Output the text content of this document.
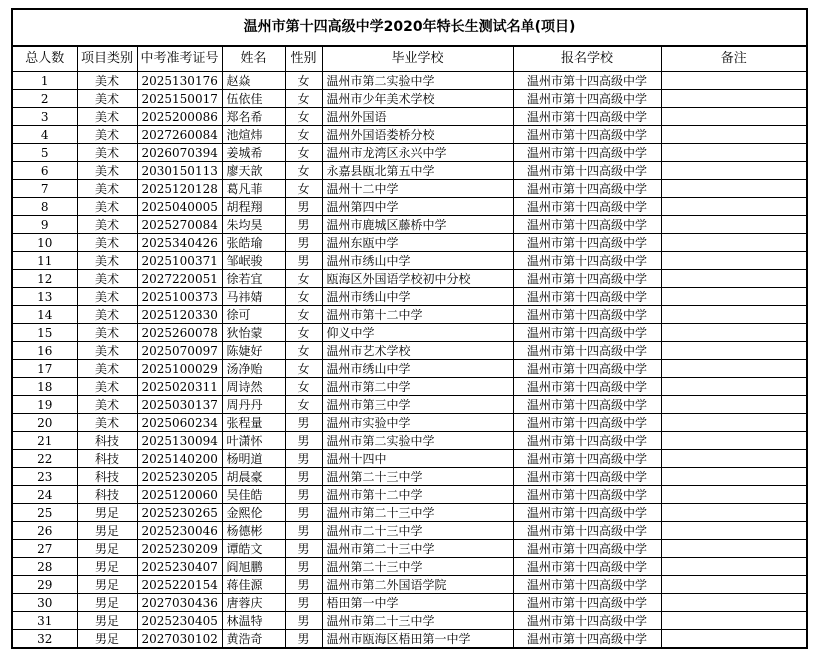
温州市第十四高级中学2020年特长生测试名单(项目)
总人数	项目类别	中考准考证号	姓名	性别	毕业学校	报名学校	备注
1	美术	2025130176	赵焱	女	温州市第二实验中学	温州市第十四高级中学	
2	美术	2025150017	伍依佳	女	温州市少年美术学校	温州市第十四高级中学	
3	美术	2025200086	郑名希	女	温州外国语	温州市第十四高级中学	
4	美术	2027260084	池煊炜	女	温州外国语娄桥分校	温州市第十四高级中学	
5	美术	2026070394	姜城希	女	温州市龙湾区永兴中学	温州市第十四高级中学	
6	美术	2030150113	廖天歆	女	永嘉县瓯北第五中学	温州市第十四高级中学	
7	美术	2025120128	葛凡菲	女	温州十二中学	温州市第十四高级中学	
8	美术	2025040005	胡程翔	男	温州第四中学	温州市第十四高级中学	
9	美术	2025270084	朱均昊	男	温州市鹿城区藤桥中学	温州市第十四高级中学	
10	美术	2025340426	张皓瑜	男	温州东瓯中学	温州市第十四高级中学	
11	美术	2025100371	邹岷骏	男	温州市绣山中学	温州市第十四高级中学	
12	美术	2027220051	徐若宜	女	瓯海区外国语学校初中分校	温州市第十四高级中学	
13	美术	2025100373	马祎婧	女	温州市绣山中学	温州市第十四高级中学	
14	美术	2025120330	徐可	女	温州市第十二中学	温州市第十四高级中学	
15	美术	2025260078	狄怡蒙	女	仰义中学	温州市第十四高级中学	
16	美术	2025070097	陈婕好	女	温州市艺术学校	温州市第十四高级中学	
17	美术	2025100029	汤净贻	女	温州市绣山中学	温州市第十四高级中学	
18	美术	2025020311	周诗然	女	温州市第二中学	温州市第十四高级中学	
19	美术	2025030137	周丹丹	女	温州市第三中学	温州市第十四高级中学	
20	美术	2025060234	张程量	男	温州市实验中学	温州市第十四高级中学	
21	科技	2025130094	叶潇怀	男	温州市第二实验中学	温州市第十四高级中学	
22	科技	2025140200	杨明道	男	温州十四中	温州市第十四高级中学	
23	科技	2025230205	胡晨豪	男	温州第二十三中学	温州市第十四高级中学	
24	科技	2025120060	吴佳皓	男	温州市第十二中学	温州市第十四高级中学	
25	男足	2025230265	金熙伦	男	温州市第二十三中学	温州市第十四高级中学	
26	男足	2025230046	杨德彬	男	温州市二十三中学	温州市第十四高级中学	
27	男足	2025230209	谭皓文	男	温州市第二十三中学	温州市第十四高级中学	
28	男足	2025230407	阎旭鹏	男	温州第二十三中学	温州市第十四高级中学	
29	男足	2025220154	蒋佳源	男	温州市第二外国语学院	温州市第十四高级中学	
30	男足	2027030436	唐蓉庆	男	梧田第一中学	温州市第十四高级中学	
31	男足	2025230405	林温特	男	温州市第二十三中学	温州市第十四高级中学	
32	男足	2027030102	黄浩奇	男	温州市瓯海区梧田第一中学	温州市第十四高级中学	
